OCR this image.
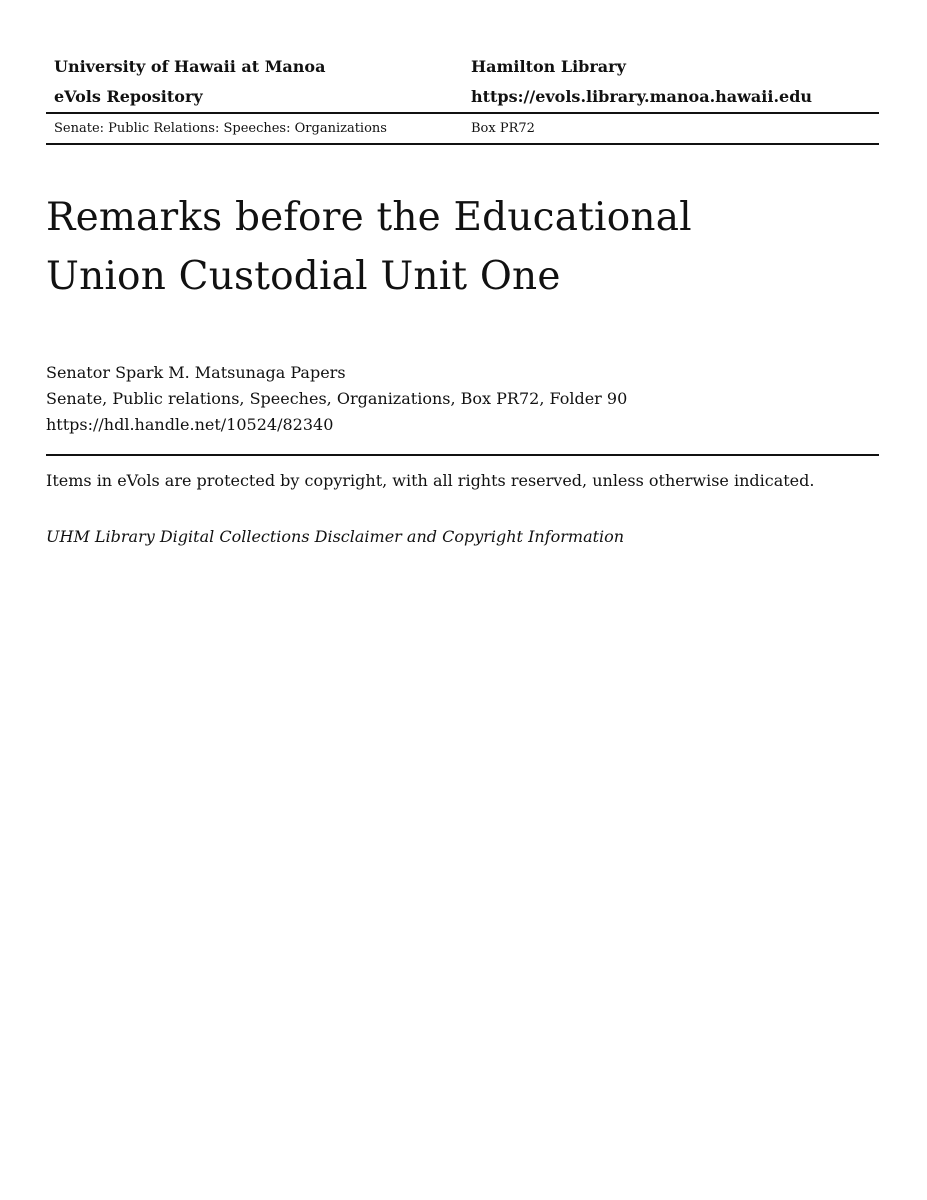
University of Hawaii at Manoa	Hamilton Library
eVols Repository	https://evols.library.manoa.hawaii.edu
Senate: Public Relations: Speeches: Organizations	Box PR72
Remarks before the Educational
Union Custodial Unit One
Senator Spark M. Matsunaga Papers
Senate, Public relations, Speeches, Organizations, Box PR72, Folder 90
https://hdl.handle.net/10524/82340
Items in eVols are protected by copyright, with all rights reserved, unless otherwise indicated.
UHM Library Digital Collections Disclaimer and Copyright Information
